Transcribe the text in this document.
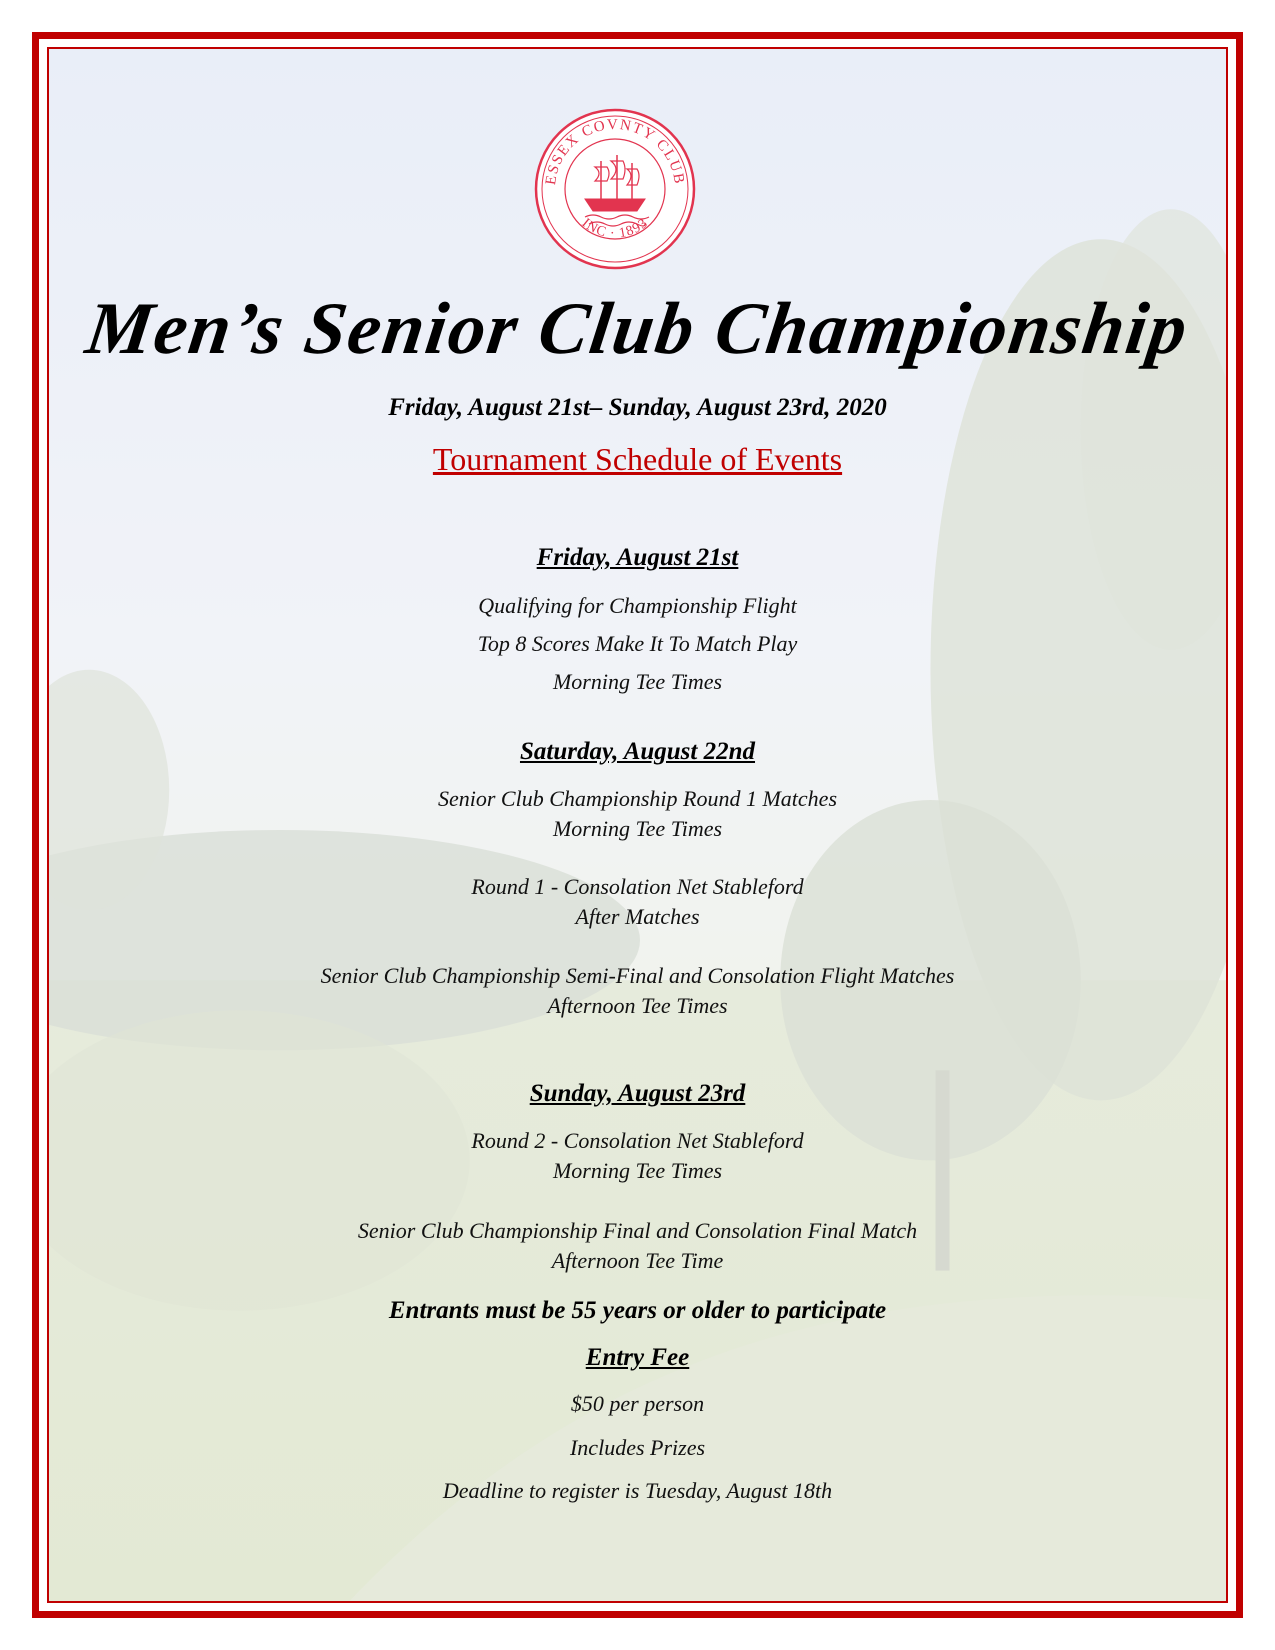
ESSEX COVNTY CLUB
INC · 1893
Men’s Senior Club Championship
Friday, August 21st– Sunday, August 23rd, 2020
Tournament Schedule of Events
Friday, August 21st
Qualifying for Championship Flight
Top 8 Scores Make It To Match Play
Morning Tee Times
Saturday, August 22nd
Senior Club Championship Round 1 Matches
Morning Tee Times
Round 1 - Consolation Net Stableford
After Matches
Senior Club Championship Semi-Final and Consolation Flight Matches
Afternoon Tee Times
Sunday, August 23rd
Round 2 - Consolation Net Stableford
Morning Tee Times
Senior Club Championship Final and Consolation Final Match
Afternoon Tee Time
Entrants must be 55 years or older to participate
Entry Fee
$50 per person
Includes Prizes
Deadline to register is Tuesday, August 18th
